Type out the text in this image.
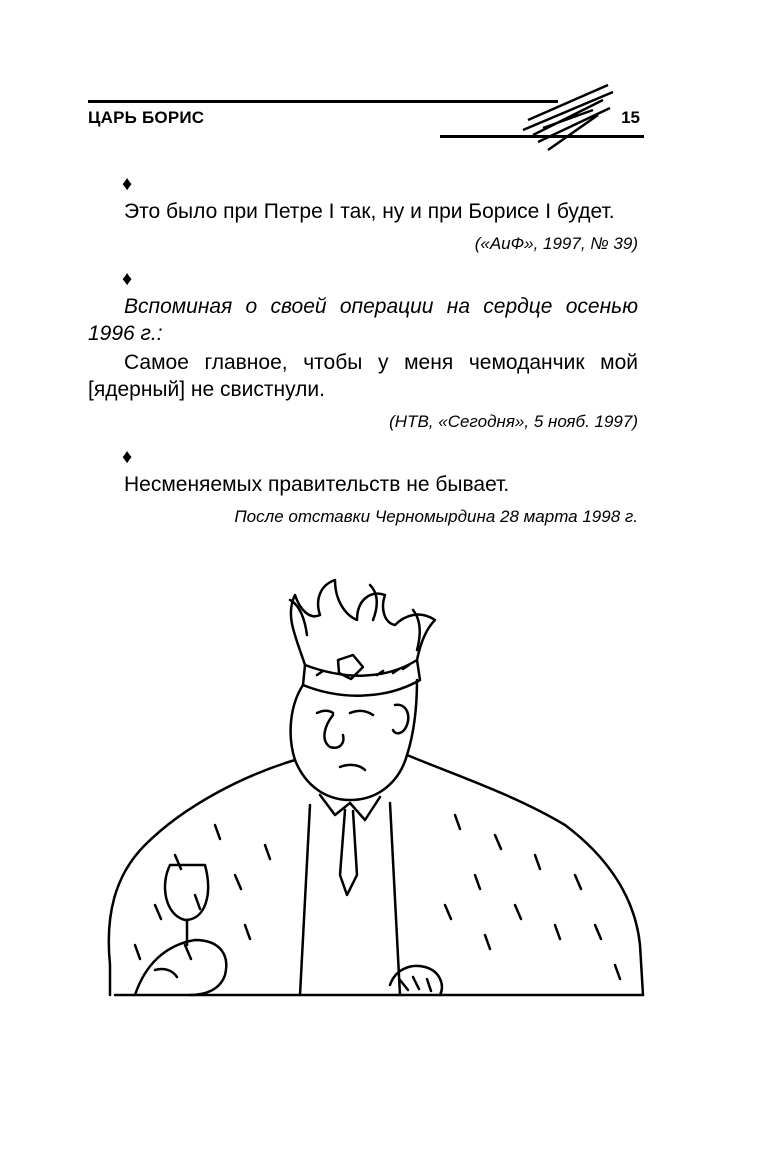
ЦАРЬ БОРИС	15
♦

Это было при Петре I так, ну и при Борисе I будет.

(«АиФ», 1997, № 39)
♦

Вспоминая о своей операции на сердце осенью 1996 г.:

Самое главное, чтобы у меня чемоданчик мой [ядерный] не свистнули.

(НТВ, «Сегодня», 5 нояб. 1997)
♦

Несменяемых правительств не бывает.

После отставки Черномырдина 28 марта 1998 г.
